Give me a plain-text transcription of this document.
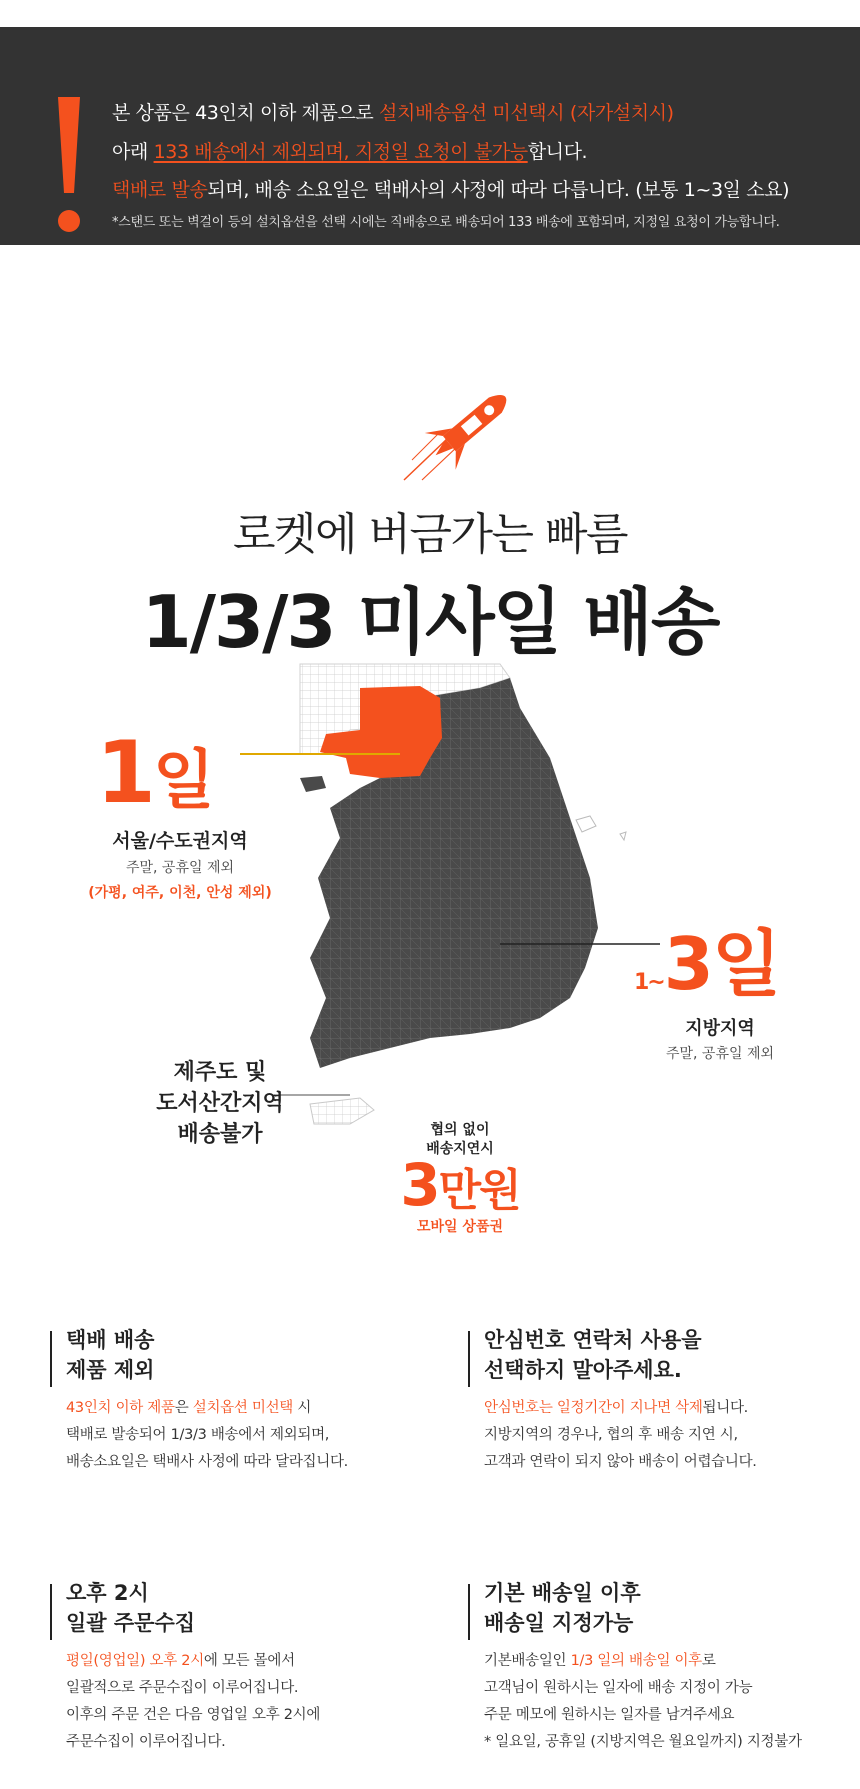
본 상품은 43인치 이하 제품으로 설치배송옵션 미선택시 (자가설치시)
아래 133 배송에서 제외되며, 지정일 요청이 불가능합니다.
택배로 발송되며, 배송 소요일은 택배사의 사정에 따라 다릅니다. (보통 1~3일 소요)
*스탠드 또는 벽걸이 등의 설치옵션을 선택 시에는 직배송으로 배송되어 133 배송에 포함되며, 지정일 요청이 가능합니다.
로켓에 버금가는 빠름
1/3/3 미사일 배송
1일
서울/수도권지역
주말, 공휴일 제외
(가평, 여주, 이천, 안성 제외)
1~3일
지방지역
주말, 공휴일 제외
제주도 및
도서산간지역
배송불가	협의 없이
배송지연시
3만원
모바일 상품권
택배 배송
제품 제외
43인치 이하 제품은 설치옵션 미선택 시
택배로 발송되어 1/3/3 배송에서 제외되며,
배송소요일은 택배사 사정에 따라 달라집니다.
안심번호 연락처 사용을
선택하지 말아주세요.
안심번호는 일정기간이 지나면 삭제됩니다.
지방지역의 경우나, 협의 후 배송 지연 시,
고객과 연락이 되지 않아 배송이 어렵습니다.
오후 2시
일괄 주문수집
평일(영업일) 오후 2시에 모든 몰에서
일괄적으로 주문수집이 이루어집니다.
이후의 주문 건은 다음 영업일 오후 2시에
주문수집이 이루어집니다.
기본 배송일 이후
배송일 지정가능
기본배송일인 1/3 일의 배송일 이후로
고객님이 원하시는 일자에 배송 지정이 가능
주문 메모에 원하시는 일자를 남겨주세요
* 일요일, 공휴일 (지방지역은 월요일까지) 지정불가
